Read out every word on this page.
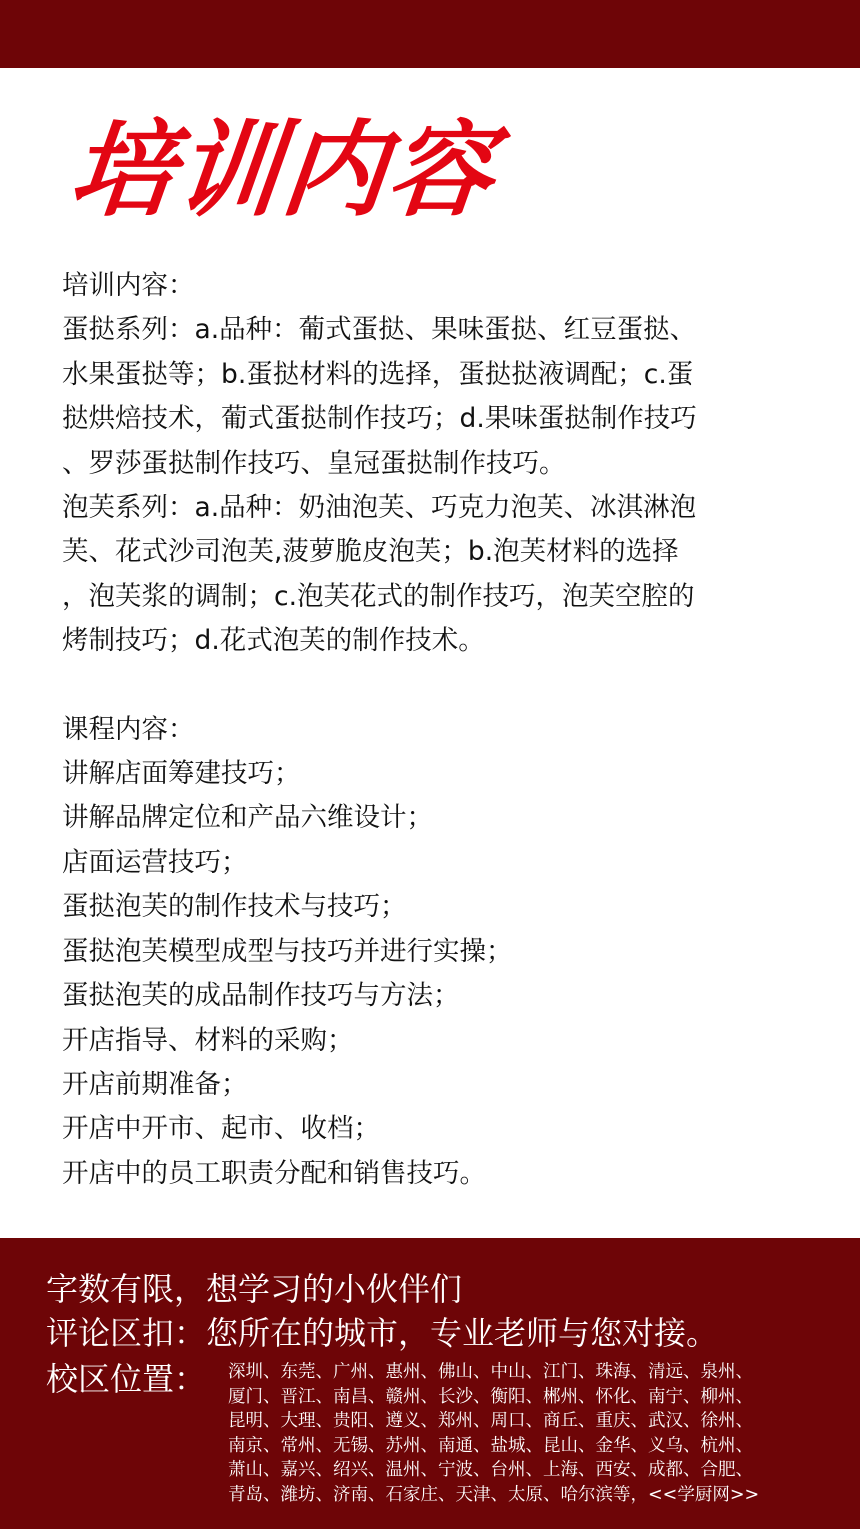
培训内容

培训内容：

蛋挞系列：a.品种：葡式蛋挞、果味蛋挞、红豆蛋挞、

水果蛋挞等；b.蛋挞材料的选择，蛋挞挞液调配；c.蛋

挞烘焙技术，葡式蛋挞制作技巧；d.果味蛋挞制作技巧

、罗莎蛋挞制作技巧、皇冠蛋挞制作技巧。

泡芙系列：a.品种：奶油泡芙、巧克力泡芙、冰淇淋泡

芙、花式沙司泡芙,菠萝脆皮泡芙；b.泡芙材料的选择

，泡芙浆的调制；c.泡芙花式的制作技巧，泡芙空腔的

烤制技巧；d.花式泡芙的制作技术。

课程内容：

讲解店面筹建技巧；
讲解品牌定位和产品六维设计；
店面运营技巧；
蛋挞泡芙的制作技术与技巧；
蛋挞泡芙模型成型与技巧并进行实操；
蛋挞泡芙的成品制作技巧与方法；
开店指导、材料的采购；
开店前期准备；
开店中开市、起市、收档；
开店中的员工职责分配和销售技巧。

字数有限，想学习的小伙伴们

评论区扣：您所在的城市，专业老师与您对接。

校区位置： 深圳、东莞、广州、惠州、佛山、中山、江门、珠海、清远、泉州、
厦门、晋江、南昌、赣州、长沙、衡阳、郴州、怀化、南宁、柳州、
昆明、大理、贵阳、遵义、郑州、周口、商丘、重庆、武汉、徐州、
南京、常州、无锡、苏州、南通、盐城、昆山、金华、义乌、杭州、
萧山、嘉兴、绍兴、温州、宁波、台州、上海、西安、成都、合肥、
青岛、潍坊、济南、石家庄、天津、太原、哈尔滨等，<<学厨网>>
